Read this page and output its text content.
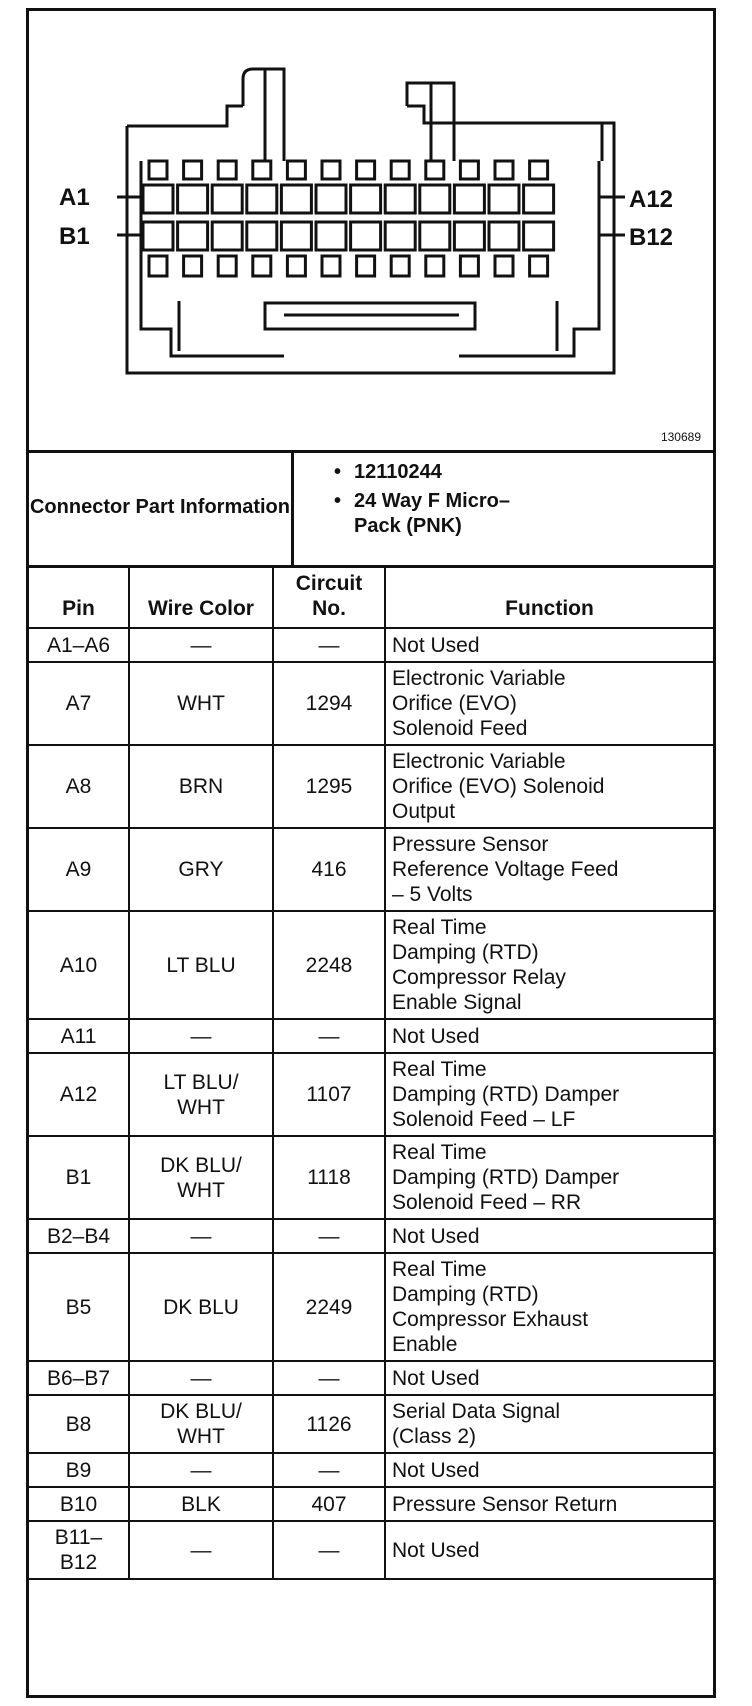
A1
B1
A12
B12
130689
Connector Part Information
• 12110244
• 24 Way F Micro–
Pack (PNK)
Pin	Wire Color	Circuit No.	Function
A1–A6	—	—	Not Used
A7	WHT	1294	Electronic Variable
Orifice (EVO)
Solenoid Feed
A8	BRN	1295	Electronic Variable
Orifice (EVO) Solenoid
Output
A9	GRY	416	Pressure Sensor
Reference Voltage Feed
– 5 Volts
A10	LT BLU	2248	Real Time
Damping (RTD)
Compressor Relay
Enable Signal
A11	—	—	Not Used
A12	LT BLU/
WHT	1107	Real Time
Damping (RTD) Damper
Solenoid Feed – LF
B1	DK BLU/
WHT	1118	Real Time
Damping (RTD) Damper
Solenoid Feed – RR
B2–B4	—	—	Not Used
B5	DK BLU	2249	Real Time
Damping (RTD)
Compressor Exhaust
Enable
B6–B7	—	—	Not Used
B8	DK BLU/
WHT	1126	Serial Data Signal
(Class 2)
B9	—	—	Not Used
B10	BLK	407	Pressure Sensor Return
B11–
B12	—	—	Not Used
